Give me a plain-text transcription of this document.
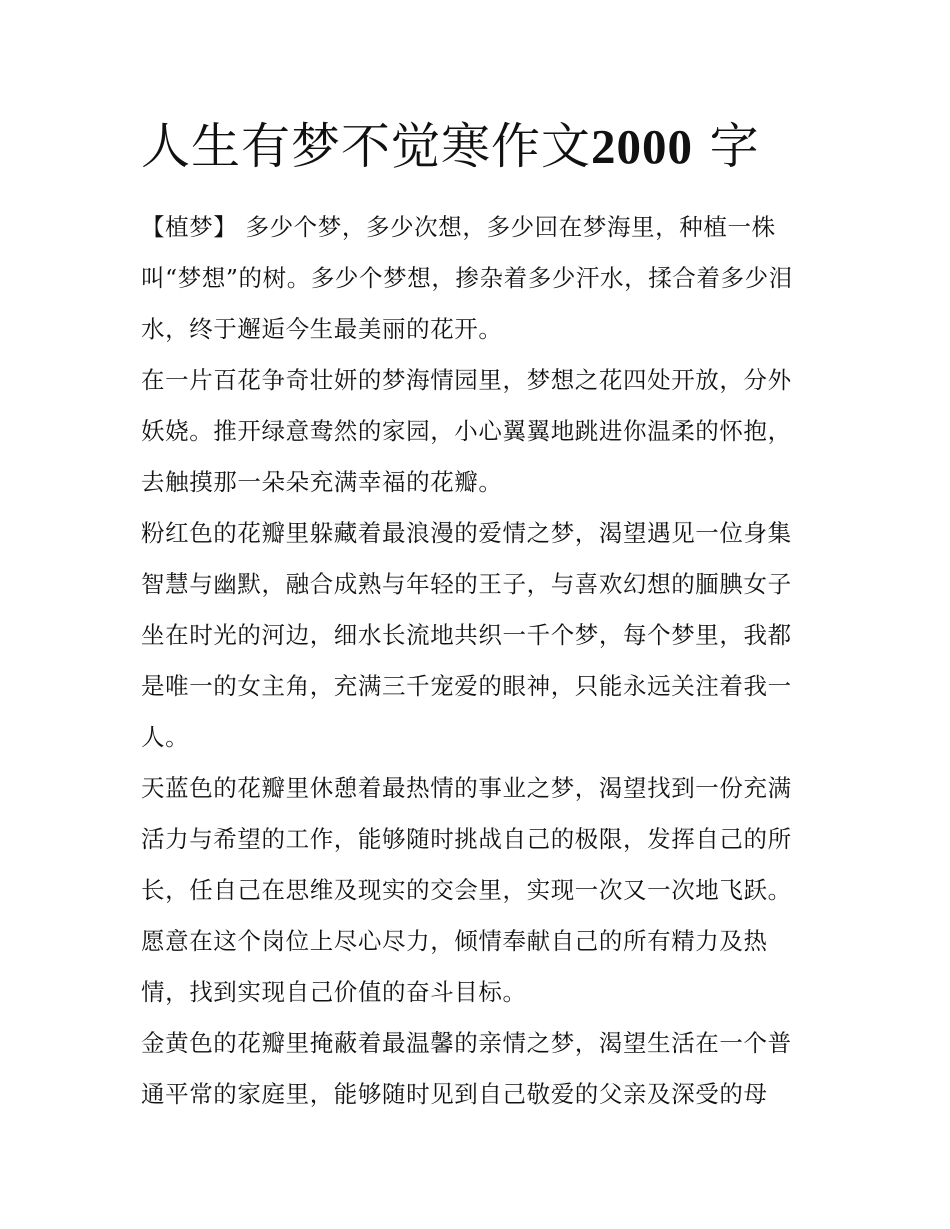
人生有梦不觉寒作文2000 字

【植梦】 多少个梦，多少次想，多少回在梦海里，种植一株叫“梦想”的树。多少个梦想，掺杂着多少汗水，揉合着多少泪水，终于邂逅今生最美丽的花开。

在一片百花争奇壮妍的梦海情园里，梦想之花四处开放，分外妖娆。推开绿意鸯然的家园，小心翼翼地跳进你温柔的怀抱，去触摸那一朵朵充满幸福的花瓣。

粉红色的花瓣里躲藏着最浪漫的爱情之梦，渴望遇见一位身集智慧与幽默，融合成熟与年轻的王子，与喜欢幻想的腼腆女子坐在时光的河边，细水长流地共织一千个梦，每个梦里，我都是唯一的女主角，充满三千宠爱的眼神，只能永远关注着我一人。

天蓝色的花瓣里休憩着最热情的事业之梦，渴望找到一份充满活力与希望的工作，能够随时挑战自己的极限，发挥自己的所长，任自己在思维及现实的交会里，实现一次又一次地飞跃。愿意在这个岗位上尽心尽力，倾情奉献自己的所有精力及热情，找到实现自己价值的奋斗目标。

金黄色的花瓣里掩蔽着最温馨的亲情之梦，渴望生活在一个普通平常的家庭里，能够随时见到自己敬爱的父亲及深受的母
